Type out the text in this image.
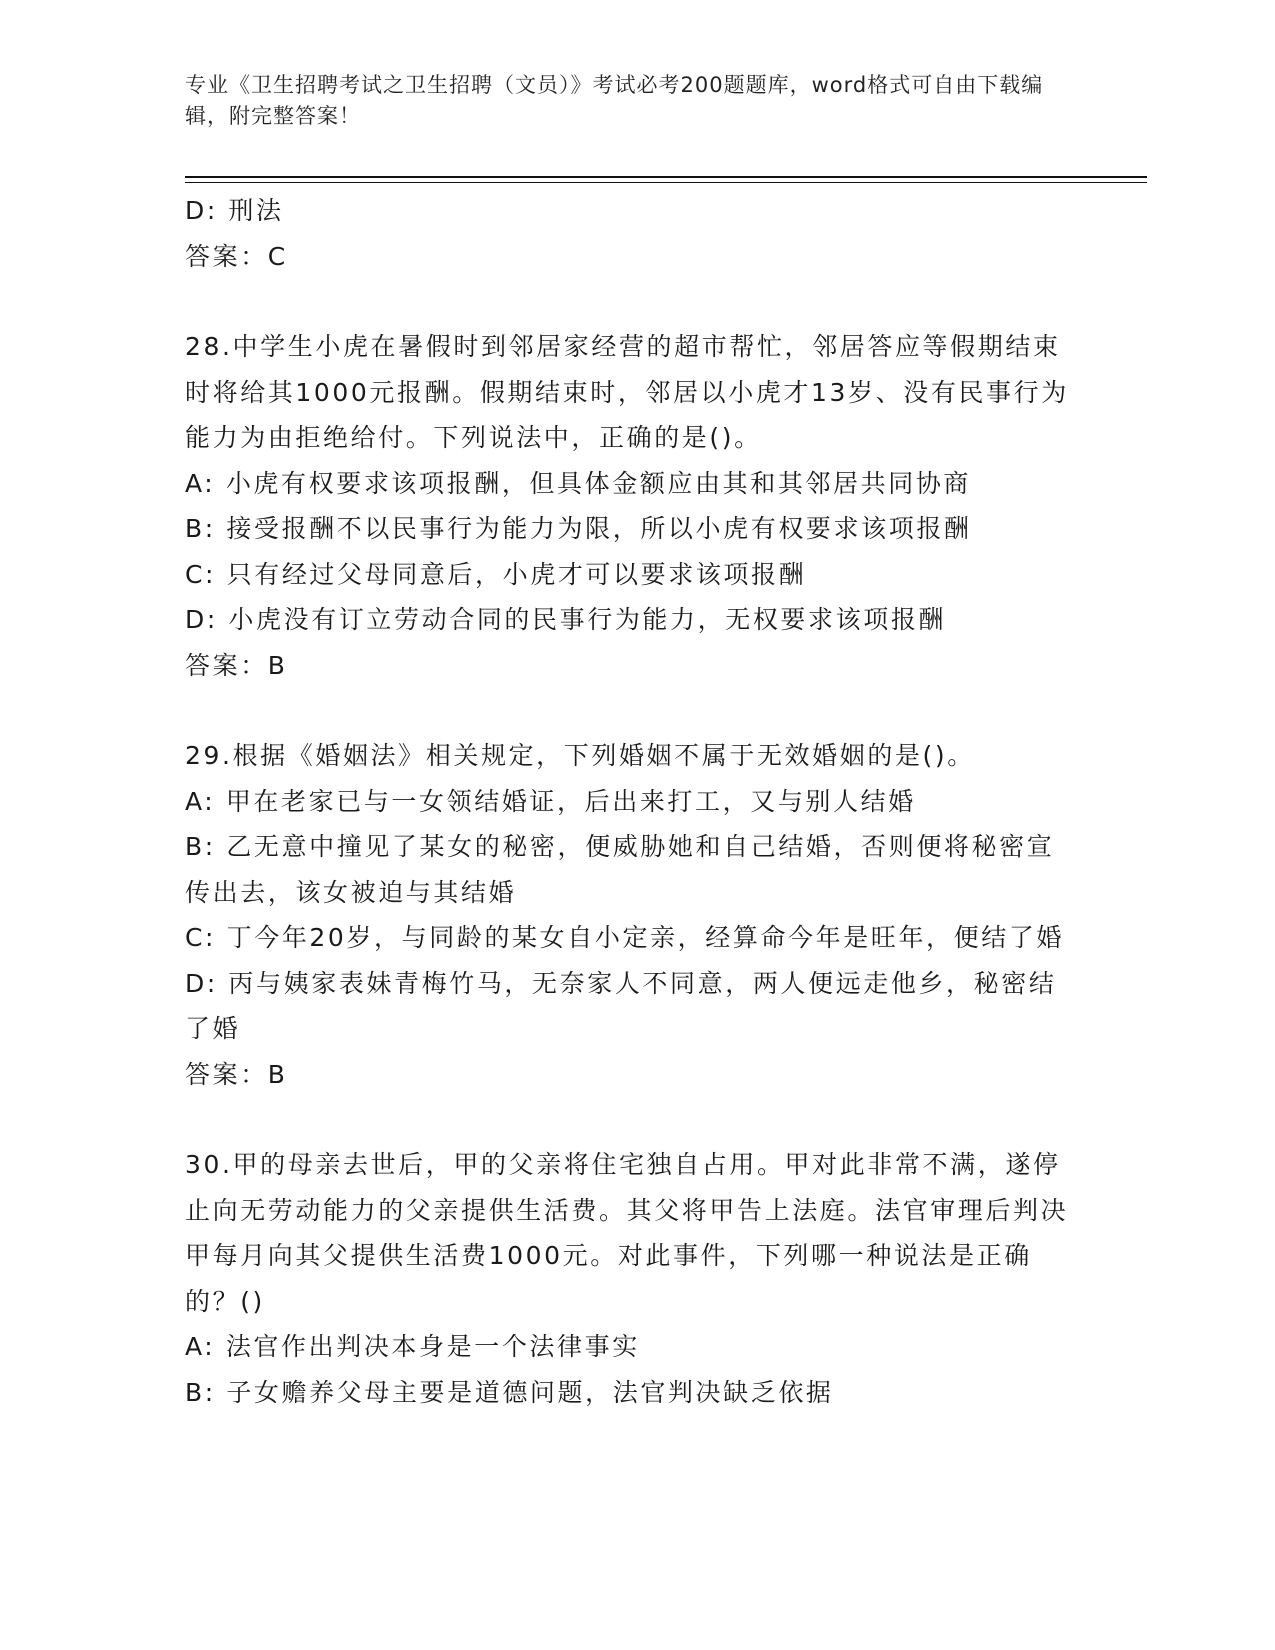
专业《卫生招聘考试之卫生招聘（文员）》考试必考200题题库，word格式可自由下载编辑，附完整答案！

D: 刑法

答案：C

28.中学生小虎在暑假时到邻居家经营的超市帮忙，邻居答应等假期结束时将给其1000元报酬。假期结束时，邻居以小虎才13岁、没有民事行为能力为由拒绝给付。下列说法中，正确的是()。

A: 小虎有权要求该项报酬，但具体金额应由其和其邻居共同协商

B: 接受报酬不以民事行为能力为限，所以小虎有权要求该项报酬

C: 只有经过父母同意后，小虎才可以要求该项报酬

D: 小虎没有订立劳动合同的民事行为能力，无权要求该项报酬

答案：B

29.根据《婚姻法》相关规定，下列婚姻不属于无效婚姻的是()。

A: 甲在老家已与一女领结婚证，后出来打工，又与别人结婚

B: 乙无意中撞见了某女的秘密，便威胁她和自己结婚，否则便将秘密宣传出去，该女被迫与其结婚

C: 丁今年20岁，与同龄的某女自小定亲，经算命今年是旺年，便结了婚

D: 丙与姨家表妹青梅竹马，无奈家人不同意，两人便远走他乡，秘密结了婚

答案：B

30.甲的母亲去世后，甲的父亲将住宅独自占用。甲对此非常不满，遂停止向无劳动能力的父亲提供生活费。其父将甲告上法庭。法官审理后判决甲每月向其父提供生活费1000元。对此事件，下列哪一种说法是正确的？()

A: 法官作出判决本身是一个法律事实

B: 子女赡养父母主要是道德问题，法官判决缺乏依据
